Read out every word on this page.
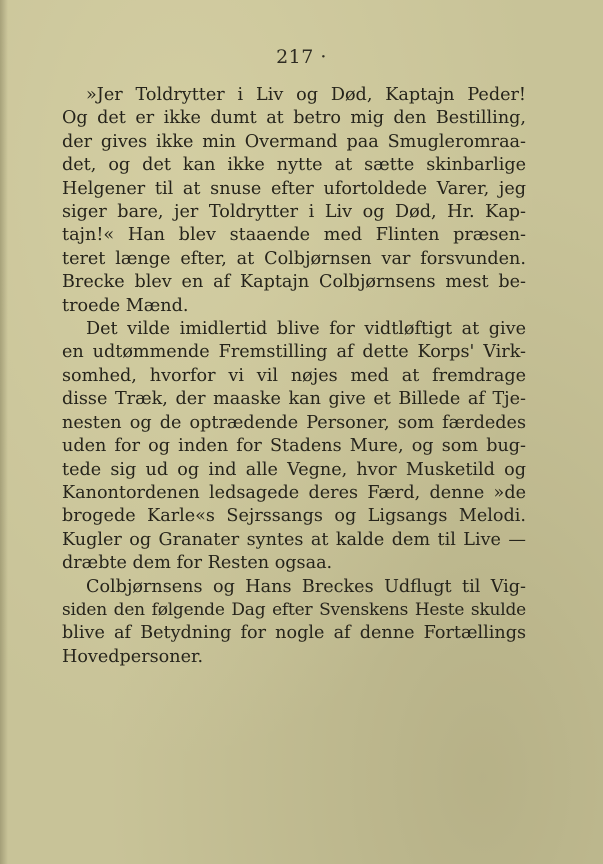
217 ·
»Jer Toldrytter i Liv og Død, Kaptajn Peder!
Og det er ikke dumt at betro mig den Bestilling,
der gives ikke min Overmand paa Smugleromraa-
det, og det kan ikke nytte at sætte skinbarlige
Helgener til at snuse efter ufortoldede Varer, jeg
siger bare, jer Toldrytter i Liv og Død, Hr. Kap-
tajn!« Han blev staaende med Flinten præsen-
teret længe efter, at Colbjørnsen var forsvunden.
Brecke blev en af Kaptajn Colbjørnsens mest be-
troede Mænd.
Det vilde imidlertid blive for vidtløftigt at give
en udtømmende Fremstilling af dette Korps' Virk-
somhed, hvorfor vi vil nøjes med at fremdrage
disse Træk, der maaske kan give et Billede af Tje-
nesten og de optrædende Personer, som færdedes
uden for og inden for Stadens Mure, og som bug-
tede sig ud og ind alle Vegne, hvor Musketild og
Kanontordenen ledsagede deres Færd, denne »de
brogede Karle«s Sejrssangs og Ligsangs Melodi.
Kugler og Granater syntes at kalde dem til Live —
dræbte dem for Resten ogsaa.
Colbjørnsens og Hans Breckes Udflugt til Vig-
siden den følgende Dag efter Svenskens Heste skulde
blive af Betydning for nogle af denne Fortællings
Hovedpersoner.
